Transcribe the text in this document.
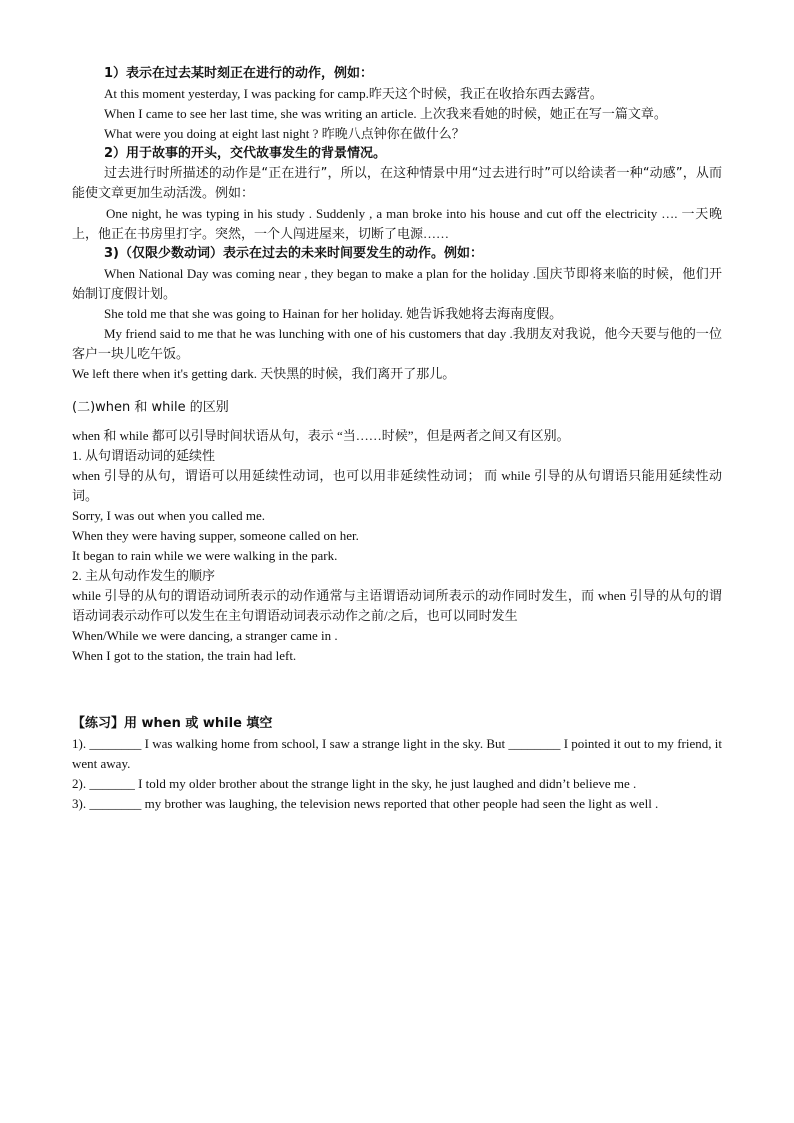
1）表示在过去某时刻正在进行的动作，例如：
At this moment yesterday, I was packing for camp.昨天这个时候，我正在收拾东西去露营。
When I came to see her last time, she was writing an article. 上次我来看她的时候，她正在写一篇文章。
What were you doing at eight last night ? 昨晚八点钟你在做什么？
2）用于故事的开头，交代故事发生的背景情况。
过去进行时所描述的动作是“正在进行”，所以，在这种情景中用“过去进行时”可以给读者一种“动感”，从而能使文章更加生动活泼。例如：
One night, he was typing in his study . Suddenly , a man broke into his house and cut off the electricity …. 一天晚上，他正在书房里打字。突然，一个人闯进屋来，切断了电源……
3)（仅限少数动词）表示在过去的未来时间要发生的动作。例如：
When National Day was coming near , they began to make a plan for the holiday .国庆节即将来临的时候，他们开始制订度假计划。
She told me that she was going to Hainan for her holiday. 她告诉我她将去海南度假。
My friend said to me that he was lunching with one of his customers that day .我朋友对我说，他今天要与他的一位客户一块儿吃午饭。
We left there when it's getting dark. 天快黑的时候，我们离开了那儿。
(二)when 和 while 的区别
when 和 while 都可以引导时间状语从句，表示 “当……时候”，但是两者之间又有区别。
1. 从句谓语动词的延续性
when 引导的从句，谓语可以用延续性动词，也可以用非延续性动词； 而 while 引导的从句谓语只能用延续性动词。
Sorry, I was out when you called me.
When they were having supper, someone called on her.
It began to rain while we were walking in the park.
2. 主从句动作发生的顺序
while 引导的从句的谓语动词所表示的动作通常与主语谓语动词所表示的动作同时发生，而 when 引导的从句的谓语动词表示动作可以发生在主句谓语动词表示动作之前/之后，也可以同时发生
When/While we were dancing, a stranger came in .
When I got to the station, the train had left.
【练习】用 when 或 while 填空
1). ________ I was walking home from school, I saw a strange light in the sky. But ________ I pointed it out to my friend, it went away.
2). _______ I told my older brother about the strange light in the sky, he just laughed and didn’t believe me .
3). ________ my brother was laughing, the television news reported that other people had seen the light as well .
